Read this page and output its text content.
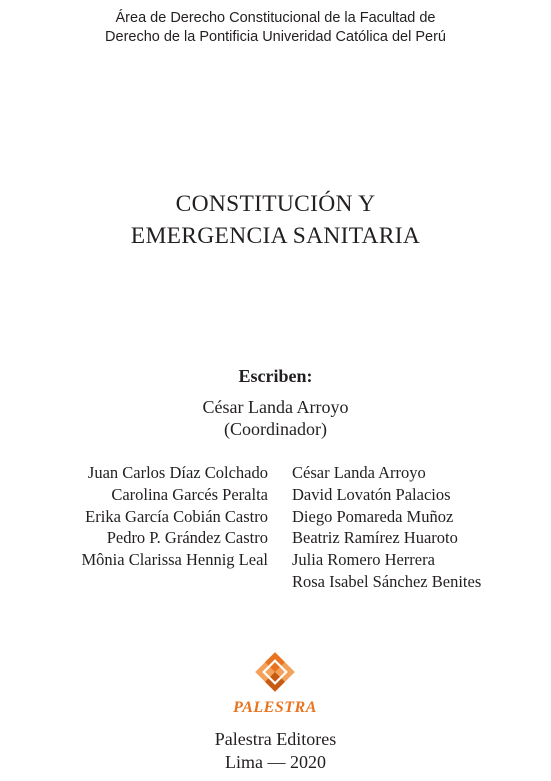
Área de Derecho Constitucional de la Facultad de
Derecho de la Pontificia Univeridad Católica del Perú
CONSTITUCIÓN Y
EMERGENCIA SANITARIA
Escriben:
César Landa Arroyo
(Coordinador)
Juan Carlos Díaz Colchado
Carolina Garcés Peralta
Erika García Cobián Castro
Pedro P. Grández Castro
Mônia Clarissa Hennig Leal
César Landa Arroyo
David Lovatón Palacios
Diego Pomareda Muñoz
Beatriz Ramírez Huaroto
Julia Romero Herrera
Rosa Isabel Sánchez Benites
PALESTRA
Palestra Editores
Lima — 2020
